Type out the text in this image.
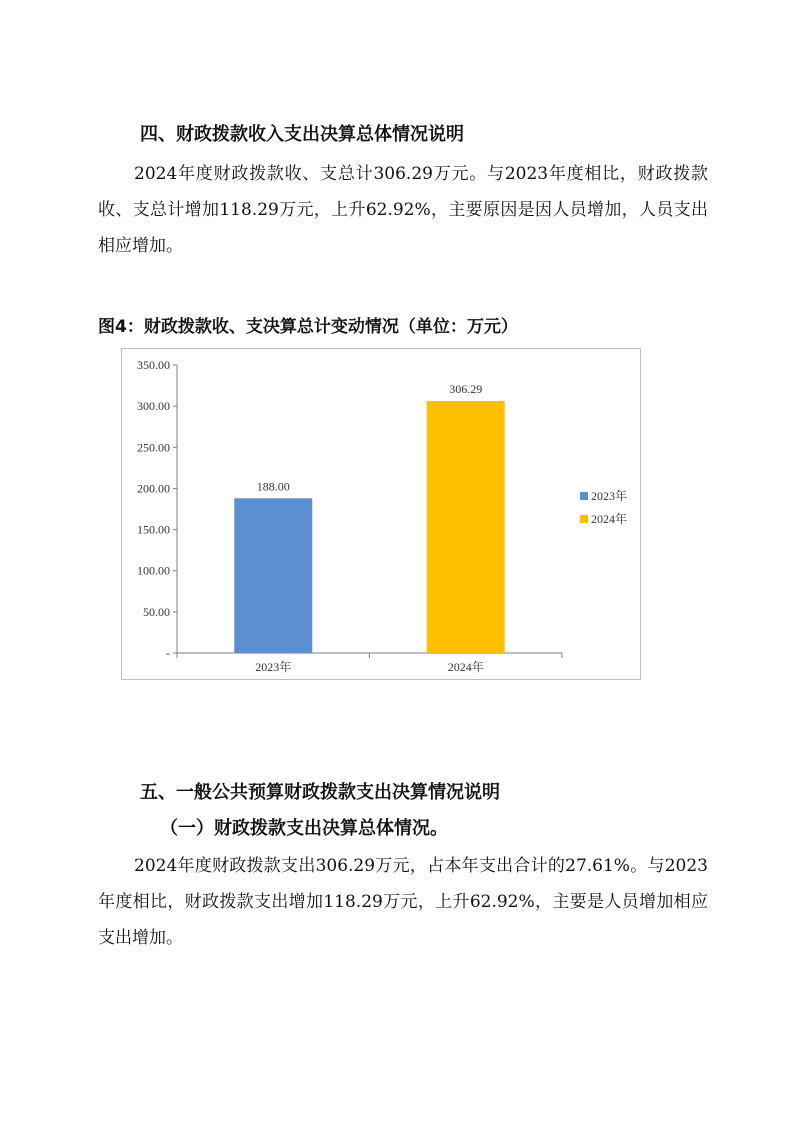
四、财政拨款收入支出决算总体情况说明
2024年度财政拨款收、支总计306.29万元。与2023年度相比，财政拨款收、支总计增加118.29万元，上升62.92%，主要原因是因人员增加，人员支出相应增加。
图4：财政拨款收、支决算总计变动情况（单位：万元）
-
50.00
100.00
150.00
200.00
250.00
300.00
350.00
188.00
2023年
306.29
2024年
2023年
2024年
五、一般公共预算财政拨款支出决算情况说明
（一）财政拨款支出决算总体情况。
2024年度财政拨款支出306.29万元，占本年支出合计的27.61%。与2023年度相比，财政拨款支出增加118.29万元，上升62.92%，主要是人员增加相应支出增加。
